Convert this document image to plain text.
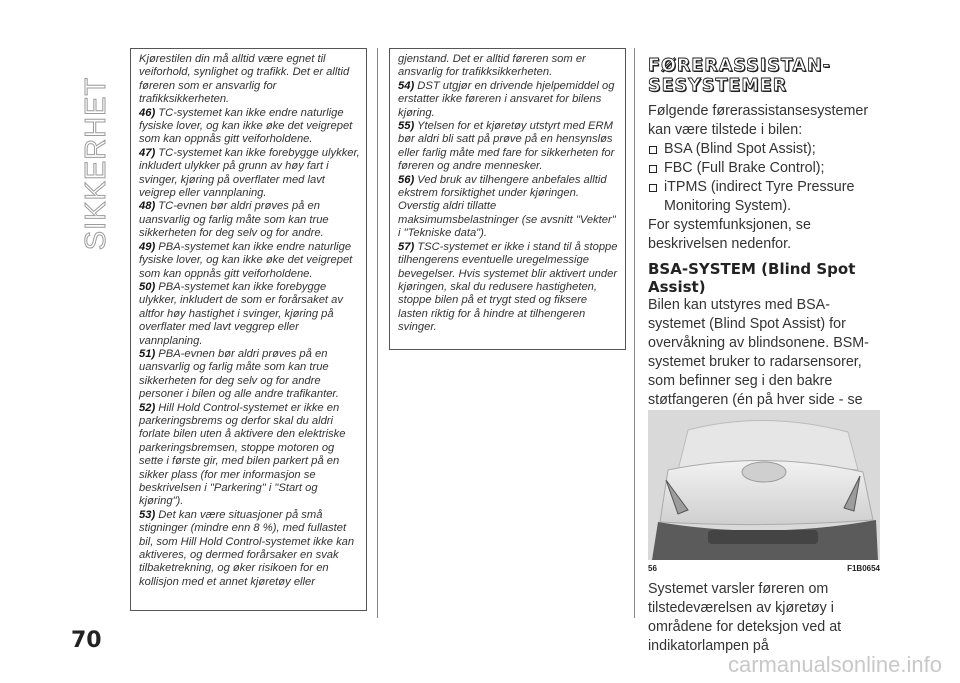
SIKKERHET

Kjørestilen din må alltid være egnet til veiforhold, synlighet og trafikk. Det er alltid føreren som er ansvarlig for trafikksikkerheten.

46) TC-systemet kan ikke endre naturlige fysiske lover, og kan ikke øke det veigrepet som kan oppnås gitt veiforholdene.

47) TC-systemet kan ikke forebygge ulykker, inkludert ulykker på grunn av høy fart i svinger, kjøring på overflater med lavt veigrep eller vannplaning.

48) TC-evnen bør aldri prøves på en uansvarlig og farlig måte som kan true sikkerheten for deg selv og for andre.

49) PBA-systemet kan ikke endre naturlige fysiske lover, og kan ikke øke det veigrepet som kan oppnås gitt veiforholdene.

50) PBA-systemet kan ikke forebygge ulykker, inkludert de som er forårsaket av altfor høy hastighet i svinger, kjøring på overflater med lavt veggrep eller vannplaning.

51) PBA-evnen bør aldri prøves på en uansvarlig og farlig måte som kan true sikkerheten for deg selv og for andre personer i bilen og alle andre trafikanter.

52) Hill Hold Control-systemet er ikke en parkeringsbrems og derfor skal du aldri forlate bilen uten å aktivere den elektriske parkeringsbremsen, stoppe motoren og sette i første gir, med bilen parkert på en sikker plass (for mer informasjon se beskrivelsen i "Parkering" i "Start og kjøring").

53) Det kan være situasjoner på små stigninger (mindre enn 8 %), med fullastet bil, som Hill Hold Control-systemet ikke kan aktiveres, og dermed forårsaker en svak tilbaketrekning, og øker risikoen for en kollisjon med et annet kjøretøy eller

gjenstand. Det er alltid føreren som er ansvarlig for trafikksikkerheten.

54) DST utgjør en drivende hjelpemiddel og erstatter ikke føreren i ansvaret for bilens kjøring.

55) Ytelsen for et kjøretøy utstyrt med ERM bør aldri bli satt på prøve på en hensynsløs eller farlig måte med fare for sikkerheten for føreren og andre mennesker.

56) Ved bruk av tilhengere anbefales alltid ekstrem forsiktighet under kjøringen. Overstig aldri tillatte maksimumsbelastninger (se avsnitt "Vekter" i "Tekniske data").

57) TSC-systemet er ikke i stand til å stoppe tilhengerens eventuelle uregelmessige bevegelser. Hvis systemet blir aktivert under kjøringen, skal du redusere hastigheten, stoppe bilen på et trygt sted og fiksere lasten riktig for å hindre at tilhengeren svinger.

FØRERASSISTAN-SESYSTEMER

Følgende førerassistansesystemer kan være tilstede i bilen:

BSA (Blind Spot Assist);
FBC (Full Brake Control);
iTPMS (indirect Tyre Pressure Monitoring System).

For systemfunksjonen, se beskrivelsen nedenfor.

BSA-SYSTEM (Blind Spot Assist)

Bilen kan utstyres med BSA-systemet (Blind Spot Assist) for overvåkning av blindsonene. BSM-systemet bruker to radarsensorer, som befinner seg i den bakre støtfangeren (én på hver side - se

56	F1B0654
Systemet varsler føreren om tilstedeværelsen av kjøretøy i områdene for deteksjon ved at indikatorlampen på
70
carmanualsonline.info
